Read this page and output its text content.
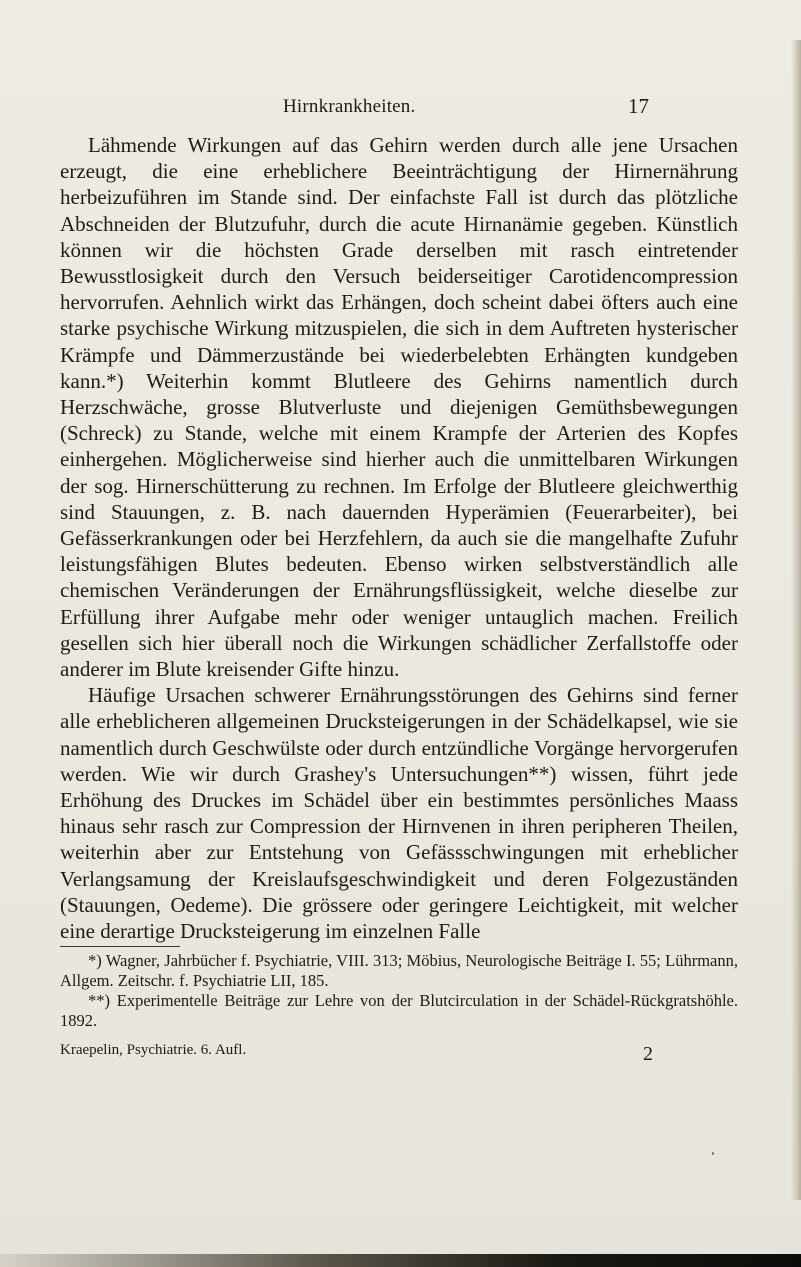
Hirnkrankheiten.	17

Lähmende Wirkungen auf das Gehirn werden durch alle jene Ursachen erzeugt, die eine erheblichere Beeinträchtigung der Hirnernährung herbeizuführen im Stande sind. Der einfachste Fall ist durch das plötzliche Abschneiden der Blutzufuhr, durch die acute Hirnanämie gegeben. Künstlich können wir die höchsten Grade derselben mit rasch eintretender Bewusstlosigkeit durch den Versuch beiderseitiger Carotidencompression hervorrufen. Aehnlich wirkt das Erhängen, doch scheint dabei öfters auch eine starke psychische Wirkung mitzuspielen, die sich in dem Auftreten hysterischer Krämpfe und Dämmerzustände bei wiederbelebten Erhängten kundgeben kann.*) Weiterhin kommt Blutleere des Gehirns namentlich durch Herzschwäche, grosse Blutverluste und diejenigen Gemüthsbewegungen (Schreck) zu Stande, welche mit einem Krampfe der Arterien des Kopfes einhergehen. Möglicherweise sind hierher auch die unmittelbaren Wirkungen der sog. Hirnerschütterung zu rechnen. Im Erfolge der Blutleere gleichwerthig sind Stauungen, z. B. nach dauernden Hyperämien (Feuerarbeiter), bei Gefässerkrankungen oder bei Herzfehlern, da auch sie die mangelhafte Zufuhr leistungsfähigen Blutes bedeuten. Ebenso wirken selbstverständlich alle chemischen Veränderungen der Ernährungsflüssigkeit, welche dieselbe zur Erfüllung ihrer Aufgabe mehr oder weniger untauglich machen. Freilich gesellen sich hier überall noch die Wirkungen schädlicher Zerfallstoffe oder anderer im Blute kreisender Gifte hinzu.

Häufige Ursachen schwerer Ernährungsstörungen des Gehirns sind ferner alle erheblicheren allgemeinen Drucksteigerungen in der Schädelkapsel, wie sie namentlich durch Geschwülste oder durch entzündliche Vorgänge hervorgerufen werden. Wie wir durch Grashey's Untersuchungen**) wissen, führt jede Erhöhung des Druckes im Schädel über ein bestimmtes persönliches Maass hinaus sehr rasch zur Compression der Hirnvenen in ihren peripheren Theilen, weiterhin aber zur Entstehung von Gefässschwingungen mit erheblicher Verlangsamung der Kreislaufsgeschwindigkeit und deren Folgezuständen (Stauungen, Oedeme). Die grössere oder geringere Leichtigkeit, mit welcher eine derartige Drucksteigerung im einzelnen Falle

*) Wagner, Jahrbücher f. Psychiatrie, VIII. 313; Möbius, Neurologische Beiträge I. 55; Lührmann, Allgem. Zeitschr. f. Psychiatrie LII, 185.

**) Experimentelle Beiträge zur Lehre von der Blutcirculation in der Schädel-Rückgratshöhle. 1892.

Kraepelin, Psychiatrie. 6. Aufl.	2
